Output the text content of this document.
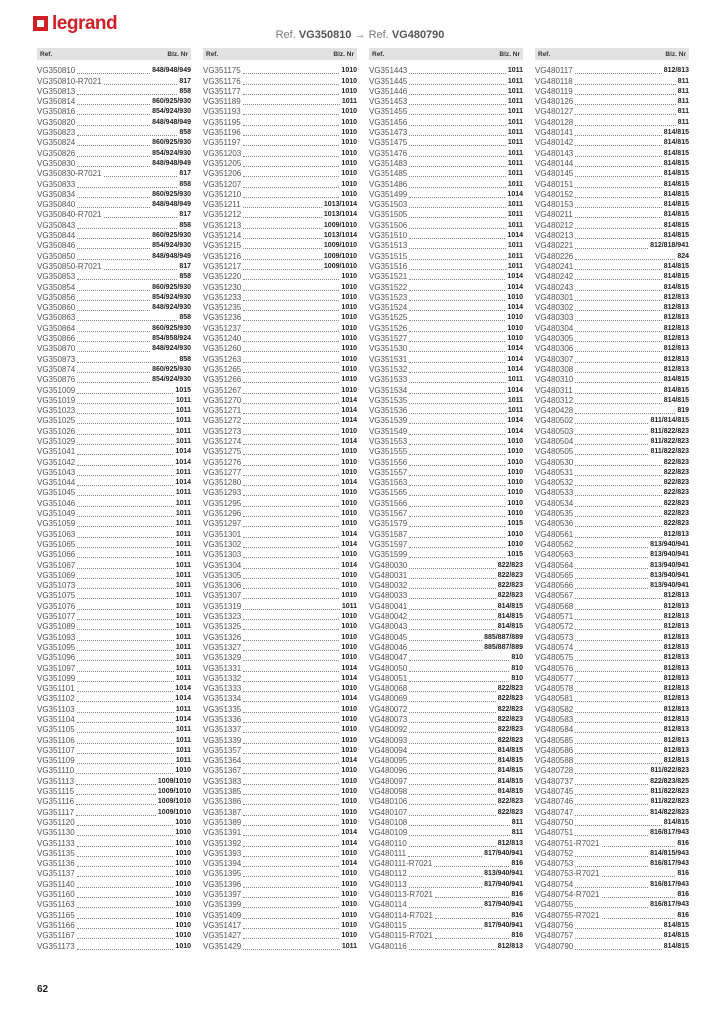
legrand
Ref. VG350810 → Ref. VG480790
Ref.	Blz. Nr
VG350810	848/948/949
VG350810-R7021	817
VG350813	858
VG350814	860/925/930
VG350816	854/924/930
VG350820	848/948/949
VG350823	858
VG350824	860/925/930
VG350826	854/924/930
VG350830	848/948/949
VG350830-R7021	817
VG350833	858
VG350834	860/925/930
VG350840	848/948/949
VG350840-R7021	817
VG350843	858
VG350844	860/925/930
VG350846	854/924/930
VG350850	848/948/949
VG350850-R7021	817
VG350853	858
VG350854	860/925/930
VG350856	854/924/930
VG350860	848/924/930
VG350863	858
VG350864	860/925/930
VG350866	854/858/924
VG350870	848/924/930
VG350873	858
VG350874	860/925/930
VG350876	854/924/930
VG351009	1015
VG351019	1011
VG351023	1011
VG351025	1011
VG351026	1011
VG351029	1011
VG351041	1014
VG351042	1014
VG351043	1011
VG351044	1014
VG351045	1011
VG351046	1011
VG351049	1011
VG351059	1011
VG351063	1011
VG351065	1011
VG351066	1011
VG351067	1011
VG351069	1011
VG351073	1011
VG351075	1011
VG351076	1011
VG351077	1011
VG351089	1011
VG351093	1011
VG351095	1011
VG351096	1011
VG351097	1011
VG351099	1011
VG351101	1014
VG351102	1014
VG351103	1011
VG351104	1014
VG351105	1011
VG351106	1011
VG351107	1011
VG351109	1011
VG351110	1010
VG351113	1009/1010
VG351115	1009/1010
VG351116	1009/1010
VG351117	1009/1010
VG351120	1010
VG351130	1010
VG351133	1010
VG351135	1010
VG351136	1010
VG351137	1010
VG351140	1010
VG351160	1010
VG351163	1010
VG351165	1010
VG351166	1010
VG351167	1010
VG351173	1010
Ref.	Blz. Nr
VG351175	1010
VG351176	1010
VG351177	1010
VG351189	1011
VG351193	1010
VG351195	1010
VG351196	1010
VG351197	1010
VG351203	1010
VG351205	1010
VG351206	1010
VG351207	1010
VG351210	1010
VG351211	1013/1014
VG351212	1013/1014
VG351213	1009/1010
VG351214	1013/1014
VG351215	1009/1010
VG351216	1009/1010
VG351217	1009/1010
VG351220	1010
VG351230	1010
VG351233	1010
VG351235	1010
VG351236	1010
VG351237	1010
VG351240	1010
VG351260	1010
VG351263	1010
VG351265	1010
VG351266	1010
VG351267	1010
VG351270	1014
VG351271	1014
VG351272	1014
VG351273	1010
VG351274	1014
VG351275	1010
VG351276	1010
VG351277	1010
VG351280	1014
VG351293	1010
VG351295	1010
VG351296	1010
VG351297	1010
VG351301	1014
VG351302	1014
VG351303	1010
VG351304	1014
VG351305	1010
VG351306	1010
VG351307	1010
VG351319	1011
VG351323	1010
VG351325	1010
VG351326	1010
VG351327	1010
VG351329	1010
VG351331	1014
VG351332	1014
VG351333	1010
VG351334	1014
VG351335	1010
VG351336	1010
VG351337	1010
VG351339	1010
VG351357	1010
VG351364	1014
VG351367	1010
VG351383	1010
VG351385	1010
VG351386	1010
VG351387	1010
VG351389	1010
VG351391	1014
VG351392	1014
VG351393	1010
VG351394	1014
VG351395	1010
VG351396	1010
VG351397	1010
VG351399	1010
VG351409	1010
VG351417	1010
VG351427	1010
VG351429	1011
Ref.	Blz. Nr
VG351443	1011
VG351445	1011
VG351446	1011
VG351453	1011
VG351455	1011
VG351456	1011
VG351473	1011
VG351475	1011
VG351476	1011
VG351483	1011
VG351485	1011
VG351486	1011
VG351499	1014
VG351503	1011
VG351505	1011
VG351506	1011
VG351510	1014
VG351513	1011
VG351515	1011
VG351516	1011
VG351521	1014
VG351522	1014
VG351523	1010
VG351524	1014
VG351525	1010
VG351526	1010
VG351527	1010
VG351530	1014
VG351531	1014
VG351532	1014
VG351533	1011
VG351534	1014
VG351535	1011
VG351536	1011
VG351539	1014
VG351549	1014
VG351553	1010
VG351555	1010
VG351556	1010
VG351557	1010
VG351563	1010
VG351565	1010
VG351566	1010
VG351567	1010
VG351579	1015
VG351587	1010
VG351597	1010
VG351599	1015
VG480030	822/823
VG480031	822/823
VG480032	822/823
VG480033	822/823
VG480041	814/815
VG480042	814/815
VG480043	814/815
VG480045	885/887/889
VG480046	885/887/889
VG480047	810
VG480050	810
VG480051	810
VG480068	822/823
VG480069	822/823
VG480072	822/823
VG480073	822/823
VG480092	822/823
VG480093	822/823
VG480094	814/815
VG480095	814/815
VG480096	814/815
VG480097	814/815
VG480098	814/815
VG480106	822/823
VG480107	822/823
VG480108	811
VG480109	811
VG480110	812/813
VG480111	817/940/941
VG480111-R7021	816
VG480112	813/940/941
VG480113	817/940/941
VG480113-R7021	816
VG480114	817/940/941
VG480114-R7021	816
VG480115	817/940/941
VG480115-R7021	816
VG480116	812/813
Ref.	Blz. Nr
VG480117	812/813
VG480118	811
VG480119	811
VG480126	811
VG480127	811
VG480128	811
VG480141	814/815
VG480142	814/815
VG480143	814/815
VG480144	814/815
VG480145	814/815
VG480151	814/815
VG480152	814/815
VG480153	814/815
VG480211	814/815
VG480212	814/815
VG480213	814/815
VG480221	812/818/941
VG480226	824
VG480241	814/815
VG480242	814/815
VG480243	814/815
VG480301	812/813
VG480302	812/813
VG480303	812/813
VG480304	812/813
VG480305	812/813
VG480306	812/813
VG480307	812/813
VG480308	812/813
VG480310	814/815
VG480311	814/815
VG480312	814/815
VG480428	819
VG480502	811/814/815
VG480503	811/822/823
VG480504	811/822/823
VG480505	811/822/823
VG480530	822/823
VG480531	822/823
VG480532	822/823
VG480533	822/823
VG480534	822/823
VG480535	822/823
VG480536	822/823
VG480561	812/813
VG480562	813/940/941
VG480563	813/940/941
VG480564	813/940/941
VG480565	813/940/941
VG480566	813/940/941
VG480567	812/813
VG480568	812/813
VG480571	812/813
VG480572	812/813
VG480573	812/813
VG480574	812/813
VG480575	812/813
VG480576	812/813
VG480577	812/813
VG480578	812/813
VG480581	812/813
VG480582	812/813
VG480583	812/813
VG480584	812/813
VG480585	812/813
VG480586	812/813
VG480588	812/813
VG480728	811/822/823
VG480737	822/823/825
VG480745	811/822/823
VG480746	811/822/823
VG480747	814/822/823
VG480750	814/815
VG480751	816/817/943
VG480751-R7021	816
VG480752	814/815/943
VG480753	816/817/943
VG480753-R7021	816
VG480754	816/817/943
VG480754-R7021	816
VG480755	816/817/943
VG480755-R7021	816
VG480756	814/815
VG480757	814/815
VG480790	814/815
62
